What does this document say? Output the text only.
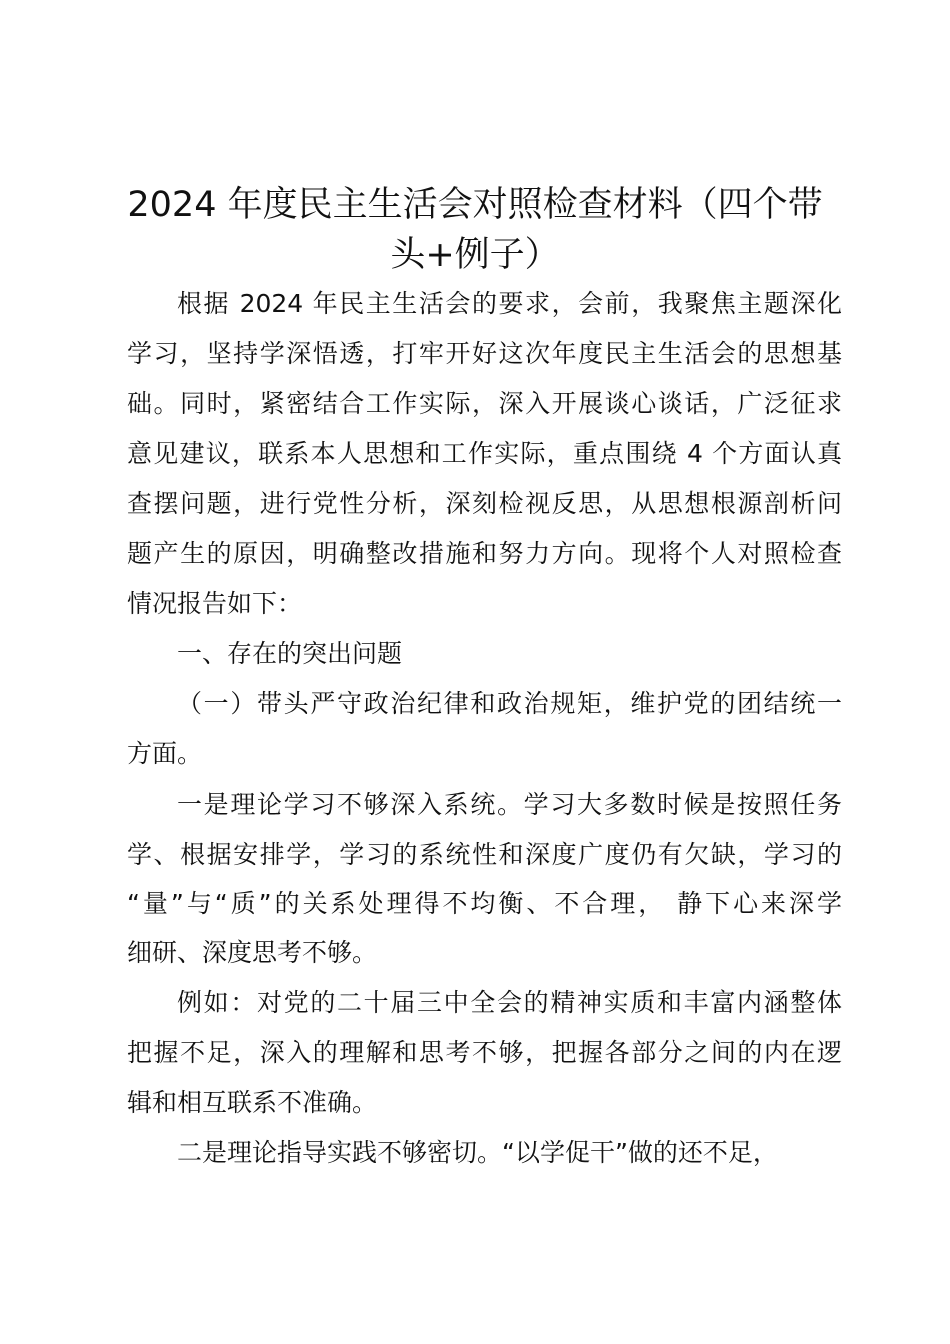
2024 年度民主生活会对照检查材料（四个带
头+例子）
根据 2024 年民主生活会的要求，会前，我聚焦主题深化
学习，坚持学深悟透，打牢开好这次年度民主生活会的思想基
础。同时，紧密结合工作实际，深入开展谈心谈话，广泛征求
意见建议，联系本人思想和工作实际，重点围绕 4 个方面认真
查摆问题，进行党性分析，深刻检视反思，从思想根源剖析问
题产生的原因，明确整改措施和努力方向。现将个人对照检查
情况报告如下：
一、存在的突出问题
（一）带头严守政治纪律和政治规矩，维护党的团结统一
方面。
一是理论学习不够深入系统。学习大多数时候是按照任务
学、根据安排学，学习的系统性和深度广度仍有欠缺，学习的
“量”与“质”的关系处理得不均衡、不合理， 静下心来深学
细研、深度思考不够。
例如：对党的二十届三中全会的精神实质和丰富内涵整体
把握不足，深入的理解和思考不够，把握各部分之间的内在逻
辑和相互联系不准确。
二是理论指导实践不够密切。“以学促干”做的还不足，
